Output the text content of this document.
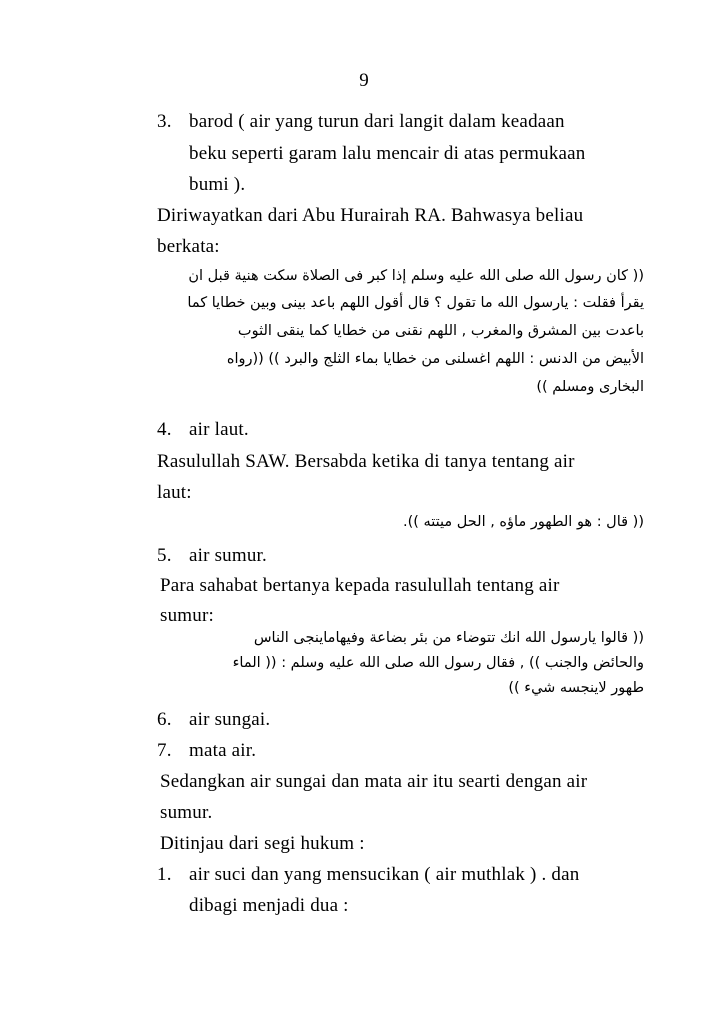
9
3. barod ( air yang turun dari langit dalam keadaan
beku seperti garam lalu mencair di atas permukaan
bumi ).
Diriwayatkan dari Abu Hurairah RA. Bahwasya beliau
berkata:
(( كان رسول الله صلى الله عليه وسلم إذا كبر فى الصلاة سكت هنية قبل ان
يقرأ فقلت : يارسول الله ما تقول ؟ قال أقول اللهم باعد بينى وبين خطايا كما
باعدت بين المشرق والمغرب , اللهم نقنى من خطايا كما ينقى الثوب
الأبيض من الدنس : اللهم اغسلنى من خطايا بماء الثلج والبرد )) ((رواه
البخارى ومسلم ))
4. air laut.
Rasulullah SAW. Bersabda ketika di tanya tentang air
laut:
(( قال : هو الطهور ماؤه , الحل ميتته )).
5. air sumur.
Para sahabat bertanya kepada rasulullah tentang air
sumur:
(( قالوا يارسول الله انك تتوضاء من بئر بضاعة وفيهاماينجى الناس
والحائض والجنب )) , فقال رسول الله صلى الله عليه وسلم : (( الماء
طهور لاينجسه شيء ))
6. air sungai.
7. mata air.
Sedangkan air sungai dan mata air itu searti dengan air
sumur.
Ditinjau dari segi hukum :
1. air suci dan yang mensucikan ( air muthlak ) . dan
dibagi menjadi dua :
